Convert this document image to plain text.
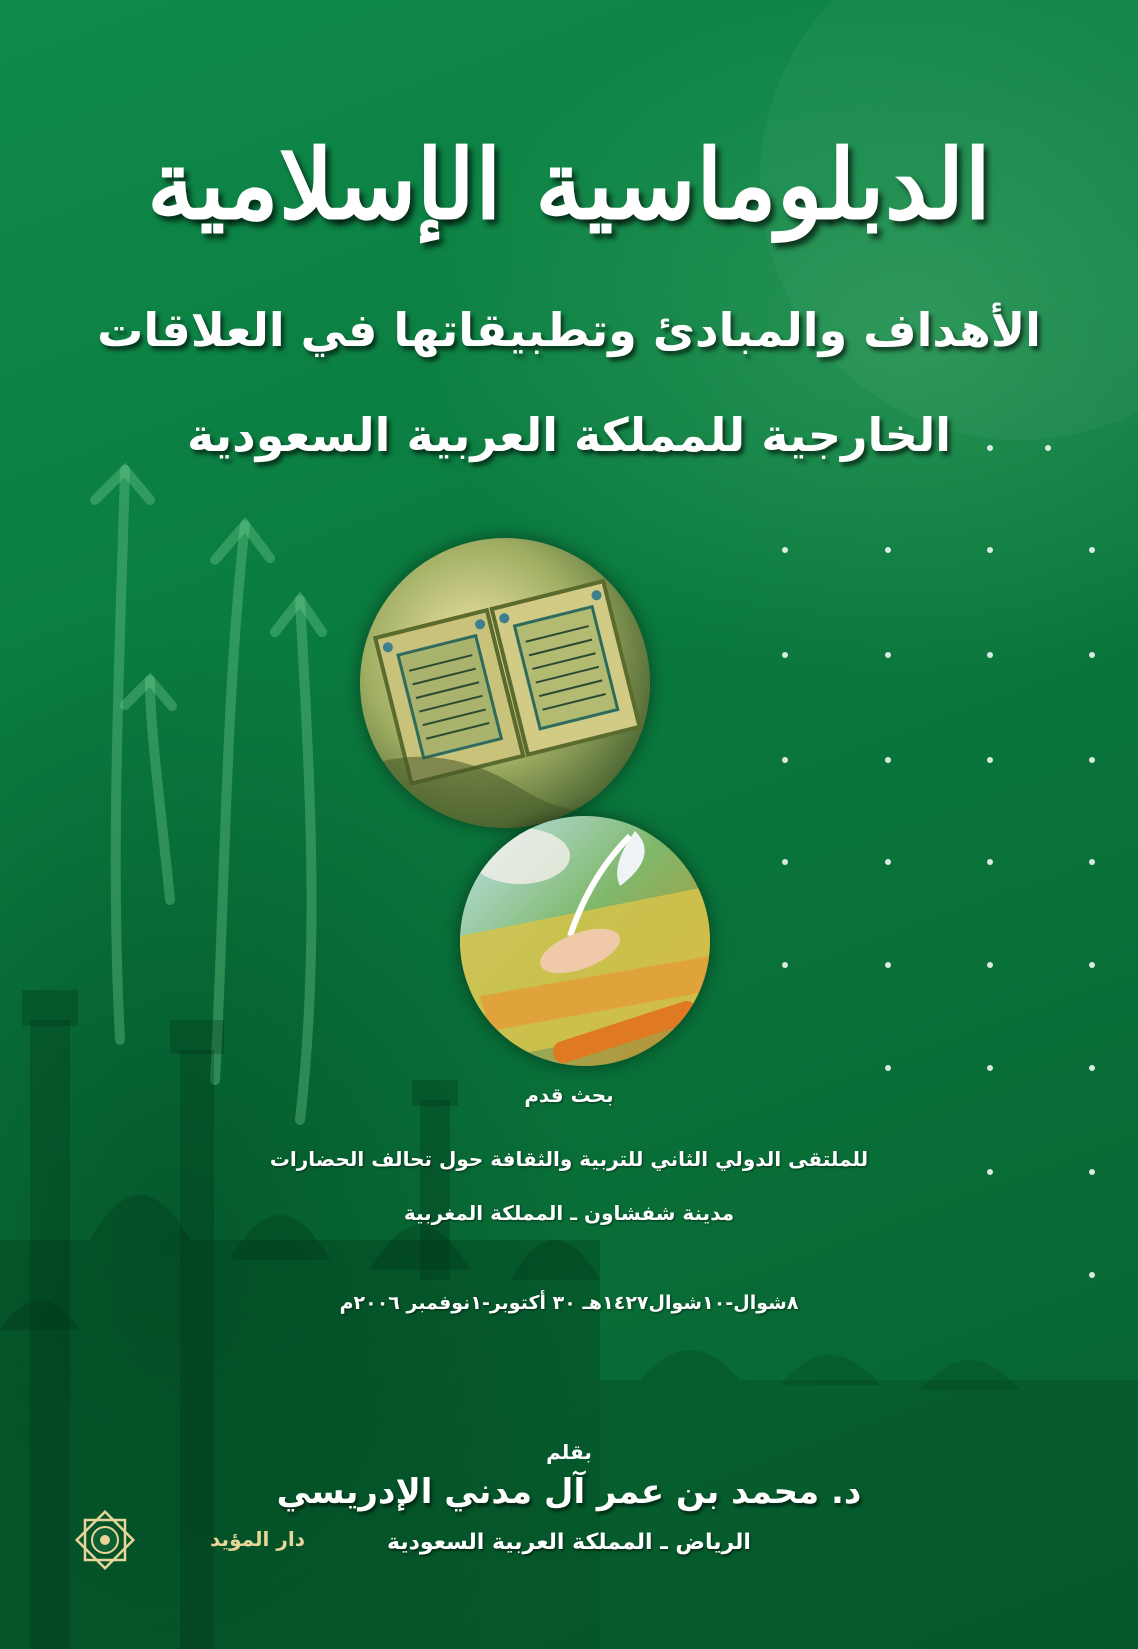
الدبلوماسية الإسلامية
الأهداف والمبادئ وتطبيقاتها في العلاقات
الخارجية للمملكة العربية السعودية
بحث قدم
للملتقى الدولي الثاني للتربية والثقافة حول تحالف الحضارات
مدينة شفشاون ـ المملكة المغربية
٨شوال-١٠شوال١٤٢٧هـ ٣٠ أكتوبر-١نوفمبر ٢٠٠٦م
بقلم
د. محمد بن عمر آل مدني الإدريسي
الرياض ـ المملكة العربية السعودية
دار المؤيد
